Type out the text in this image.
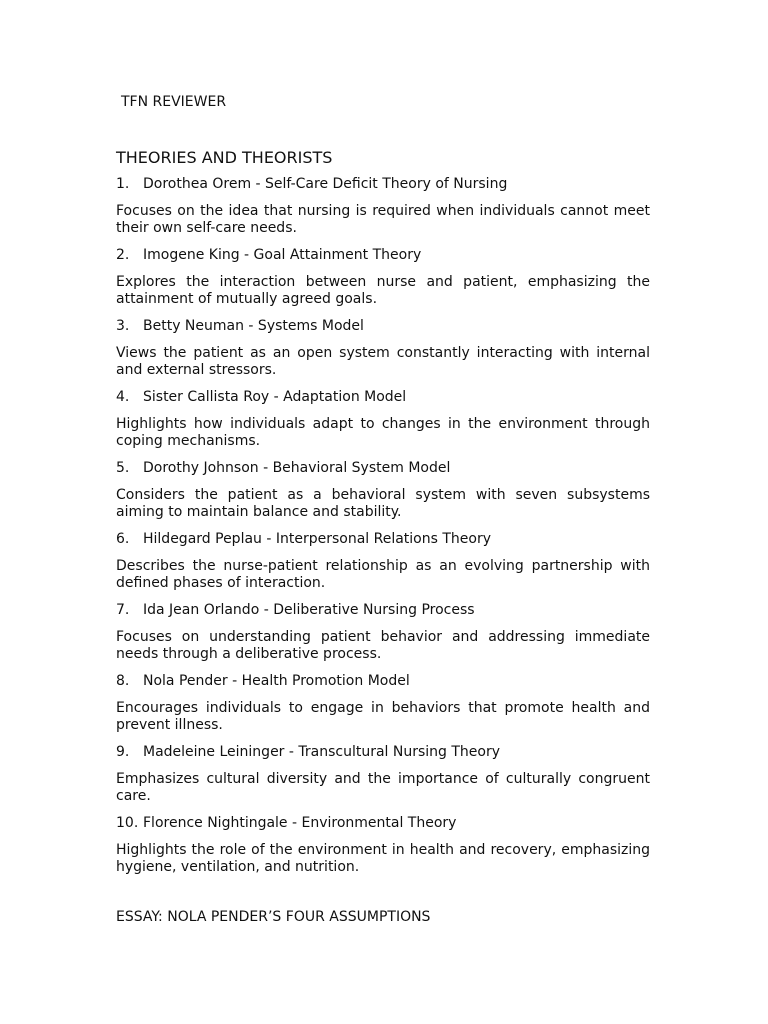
TFN REVIEWER
THEORIES AND THEORISTS
1. Dorothea Orem - Self-Care Deficit Theory of Nursing
Focuses on the idea that nursing is required when individuals cannot meet their own self-care needs.
2. Imogene King - Goal Attainment Theory
Explores the interaction between nurse and patient, emphasizing the attainment of mutually agreed goals.
3. Betty Neuman - Systems Model
Views the patient as an open system constantly interacting with internal and external stressors.
4. Sister Callista Roy - Adaptation Model
Highlights how individuals adapt to changes in the environment through coping mechanisms.
5. Dorothy Johnson - Behavioral System Model
Considers the patient as a behavioral system with seven subsystems aiming to maintain balance and stability.
6. Hildegard Peplau - Interpersonal Relations Theory
Describes the nurse-patient relationship as an evolving partnership with defined phases of interaction.
7. Ida Jean Orlando - Deliberative Nursing Process
Focuses on understanding patient behavior and addressing immediate needs through a deliberative process.
8. Nola Pender - Health Promotion Model
Encourages individuals to engage in behaviors that promote health and prevent illness.
9. Madeleine Leininger - Transcultural Nursing Theory
Emphasizes cultural diversity and the importance of culturally congruent care.
10. Florence Nightingale - Environmental Theory
Highlights the role of the environment in health and recovery, emphasizing hygiene, ventilation, and nutrition.
ESSAY: NOLA PENDER’S FOUR ASSUMPTIONS
